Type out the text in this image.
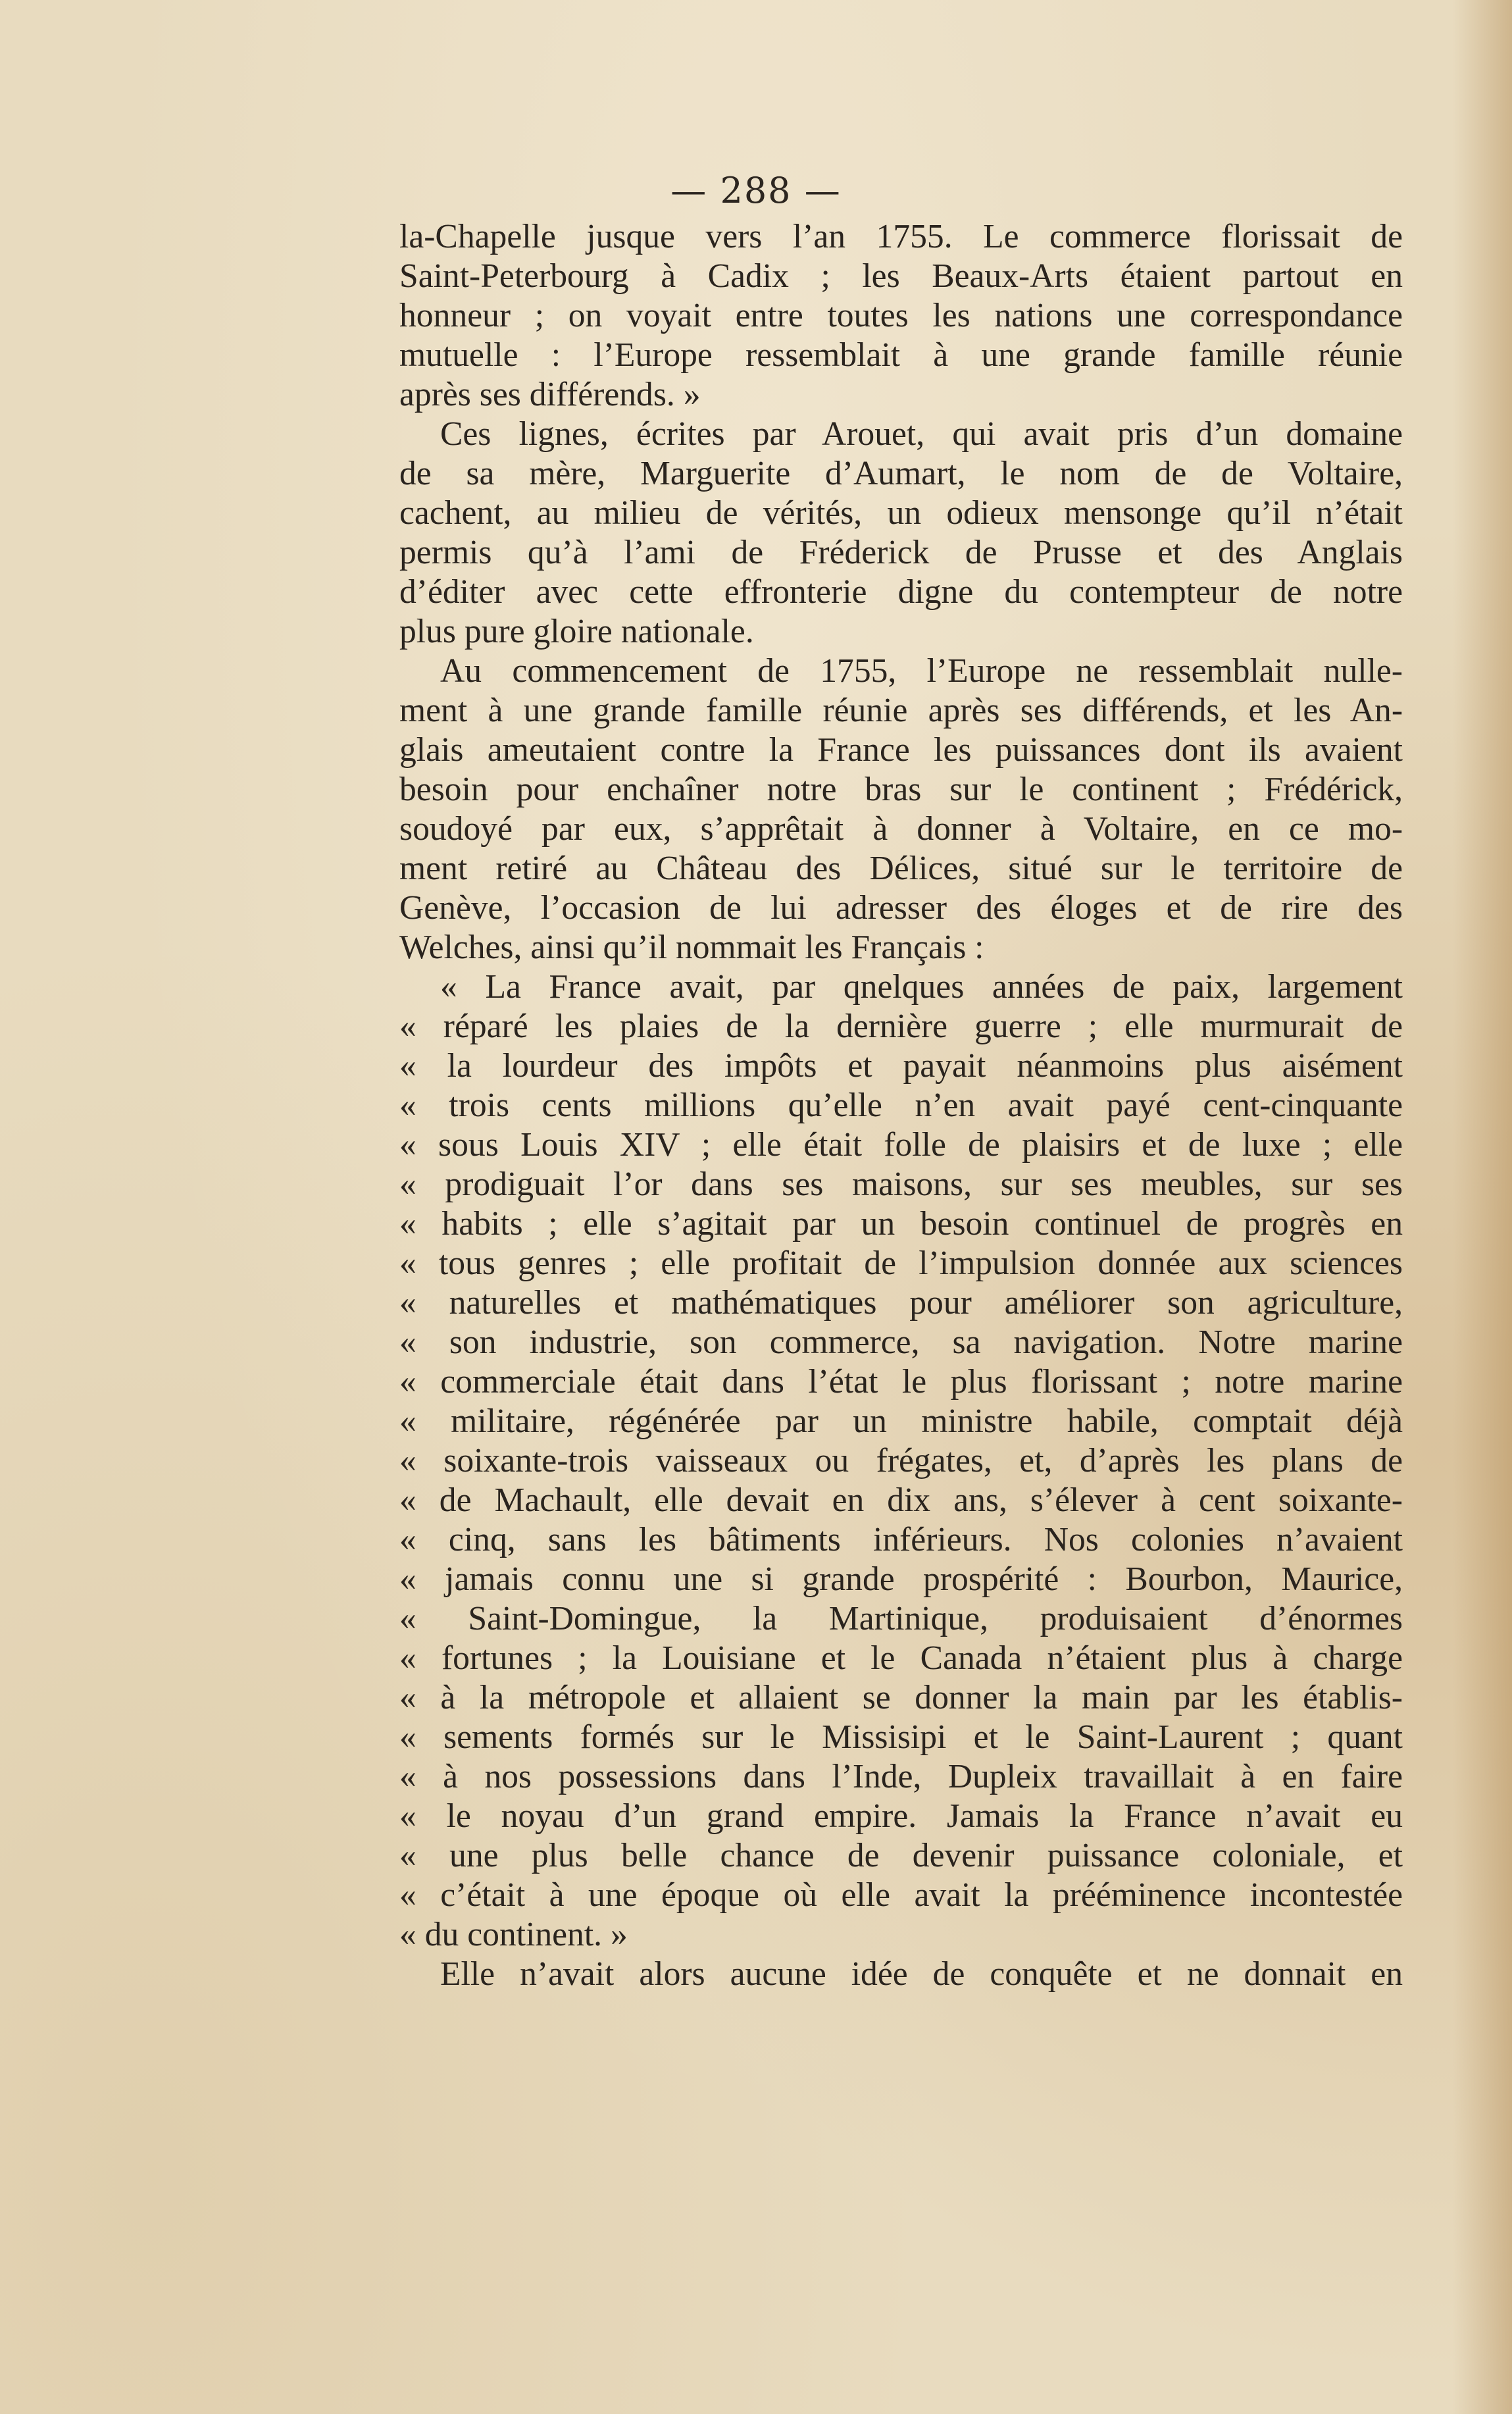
— 288 —
la-Chapelle jusque vers l’an 1755. Le commerce florissait de
Saint-Peterbourg à Cadix ; les Beaux-Arts étaient partout en
honneur ; on voyait entre toutes les nations une correspondance
mutuelle : l’Europe ressemblait à une grande famille réunie
après ses différends. »
Ces lignes, écrites par Arouet, qui avait pris d’un domaine
de sa mère, Marguerite d’Aumart, le nom de de Voltaire,
cachent, au milieu de vérités, un odieux mensonge qu’il n’était
permis qu’à l’ami de Fréderick de Prusse et des Anglais
d’éditer avec cette effronterie digne du contempteur de notre
plus pure gloire nationale.
Au commencement de 1755, l’Europe ne ressemblait nulle-
ment à une grande famille réunie après ses différends, et les An-
glais ameutaient contre la France les puissances dont ils avaient
besoin pour enchaîner notre bras sur le continent ; Frédérick,
soudoyé par eux, s’apprêtait à donner à Voltaire, en ce mo-
ment retiré au Château des Délices, situé sur le territoire de
Genève, l’occasion de lui adresser des éloges et de rire des
Welches, ainsi qu’il nommait les Français :
« La France avait, par qnelques années de paix, largement
« réparé les plaies de la dernière guerre ; elle murmurait de
« la lourdeur des impôts et payait néanmoins plus aisément
« trois cents millions qu’elle n’en avait payé cent-cinquante
« sous Louis XIV ; elle était folle de plaisirs et de luxe ; elle
« prodiguait l’or dans ses maisons, sur ses meubles, sur ses
« habits ; elle s’agitait par un besoin continuel de progrès en
« tous genres ; elle profitait de l’impulsion donnée aux sciences
« naturelles et mathématiques pour améliorer son agriculture,
« son industrie, son commerce, sa navigation. Notre marine
« commerciale était dans l’état le plus florissant ; notre marine
« militaire, régénérée par un ministre habile, comptait déjà
« soixante-trois vaisseaux ou frégates, et, d’après les plans de
« de Machault, elle devait en dix ans, s’élever à cent soixante-
« cinq, sans les bâtiments inférieurs. Nos colonies n’avaient
« jamais connu une si grande prospérité : Bourbon, Maurice,
« Saint-Domingue, la Martinique, produisaient d’énormes
« fortunes ; la Louisiane et le Canada n’étaient plus à charge
« à la métropole et allaient se donner la main par les établis-
« sements formés sur le Missisipi et le Saint-Laurent ; quant
« à nos possessions dans l’Inde, Dupleix travaillait à en faire
« le noyau d’un grand empire. Jamais la France n’avait eu
« une plus belle chance de devenir puissance coloniale, et
« c’était à une époque où elle avait la prééminence incontestée
« du continent. »
Elle n’avait alors aucune idée de conquête et ne donnait en
